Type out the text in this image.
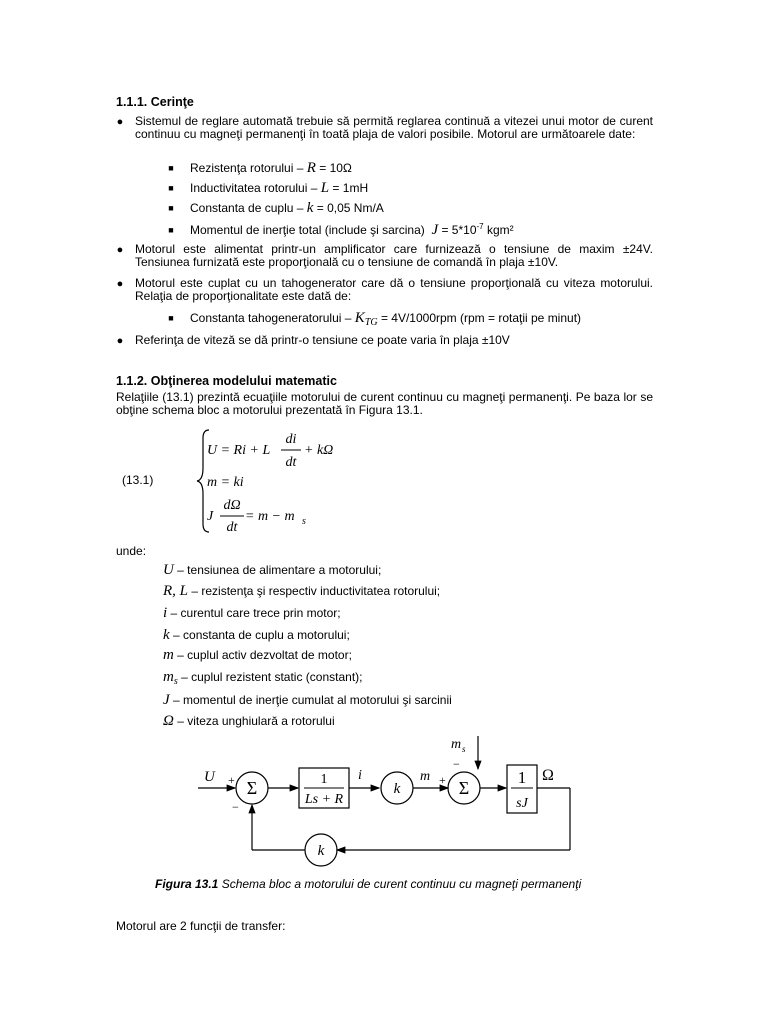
1.1.1. Cerinţe
● Sistemul de reglare automată trebuie să permită reglarea continuă a vitezei unui motor de curent continuu cu magneţi permanenţi în toată plaja de valori posibile. Motorul are următoarele date:
■ Rezistenţa rotorului – R = 10Ω
■ Inductivitatea rotorului – L = 1mH
■ Constanta de cuplu – k = 0,05 Nm/A
■ Momentul de inerţie total (include şi sarcina) $J = 5*10^{-7}$ kgm²
● Motorul este alimentat printr-un amplificator care furnizează o tensiune de maxim ±24V. Tensiunea furnizată este proporţională cu o tensiune de comandă în plaja ±10V.
● Motorul este cuplat cu un tahogenerator care dă o tensiune proporţională cu viteza motorului. Relaţia de proporţionalitate este dată de:
■ Constanta tahogeneratorului – $K_{TG} = 4V/1000rpm$ (rpm = rotaţii pe minut)
● Referinţa de viteză se dă printr-o tensiune ce poate varia în plaja ±10V
1.1.2. Obţinerea modelului matematic
Relaţiile (13.1) prezintă ecuaţiile motorului de curent continuu cu magneţi permanenţi. Pe baza lor se obţine schema bloc a motorului prezentată în Figura 13.1.
(13.1)
U = Ri + L
di
dt
+ kΩ
m = ki
J
dΩ
dt
= m − m s
unde:
U – tensiunea de alimentare a motorului;
R, L – rezistenţa şi respectiv inductivitatea rotorului;
i – curentul care trece prin motor;
k – constanta de cuplu a motorului;
m – cuplul activ dezvoltat de motor;
$m_s$ – cuplul rezistent static (constant);
J – momentul de inerţie cumulat al motorului şi sarcinii
Ω – viteza unghiulară a rotorului
U +
−
Σ	1
Ls + R
i
k
m +
m s
−
Σ
1
sJ
Ω
k
Figura 13.1 Schema bloc a motorului de curent continuu cu magneţi permanenţi
Motorul are 2 funcţii de transfer:
